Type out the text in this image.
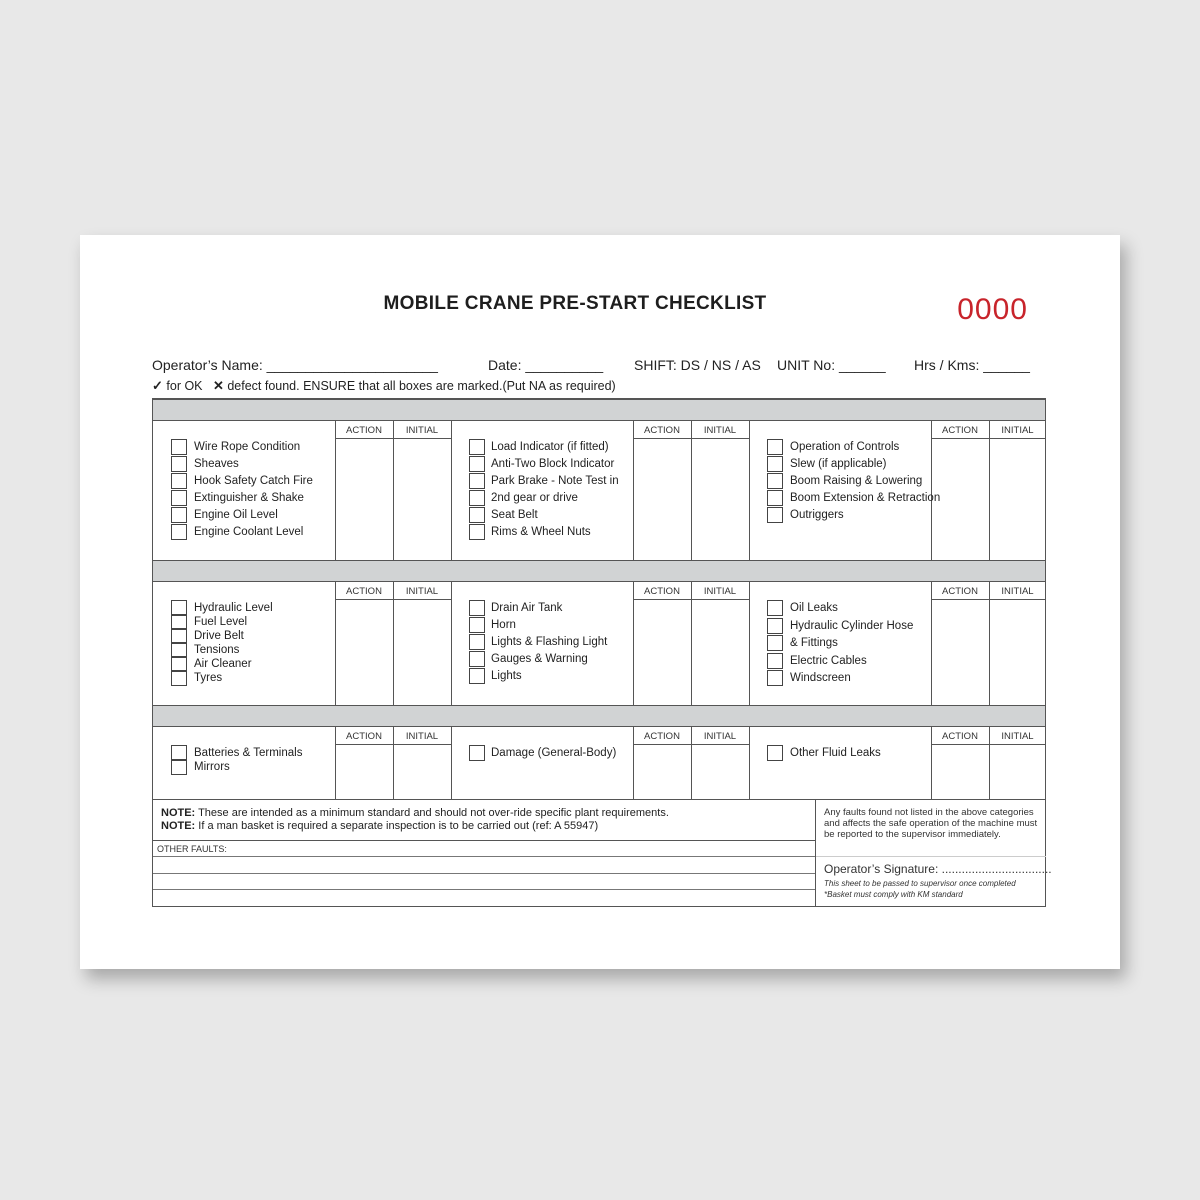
MOBILE CRANE PRE-START CHECKLIST	0000
Operator’s Name: ______________________	Date: __________ SHIFT: DS / NS / AS UNIT No: ______ Hrs / Kms: ______
✓ for OK ✕ defect found. ENSURE that all boxes are marked.(Put NA as required)
ACTION	INITIAL
Wire Rope Condition
Sheaves
Hook Safety Catch Fire
Extinguisher & Shake
Engine Oil Level
Engine Coolant Level
ACTION	INITIAL
Load Indicator (if fitted)
Anti-Two Block Indicator
Park Brake - Note Test in
2nd gear or drive
Seat Belt
Rims & Wheel Nuts
ACTION	INITIAL
Operation of Controls
Slew (if applicable)
Boom Raising & Lowering
Boom Extension & Retraction
Outriggers
ACTION	INITIAL
Hydraulic Level
Fuel Level
Drive Belt
Tensions
Air Cleaner
Tyres
ACTION	INITIAL
Drain Air Tank
Horn
Lights & Flashing Light
Gauges & Warning
Lights
ACTION	INITIAL
Oil Leaks
Hydraulic Cylinder Hose
& Fittings
Electric Cables
Windscreen
ACTION	INITIAL
Batteries & Terminals
Mirrors
ACTION	INITIAL
Damage (General-Body)
ACTION	INITIAL
Other Fluid Leaks
NOTE: These are intended as a minimum standard and should not over-ride specific plant requirements.
NOTE: If a man basket is required a separate inspection is to be carried out (ref: A 55947)
OTHER FAULTS:
Any faults found not listed in the above categories and affects the safe operation of the machine must be reported to the supervisor immediately.
Operator’s Signature: .................................
This sheet to be passed to supervisor once completed
*Basket must comply with KM standard
